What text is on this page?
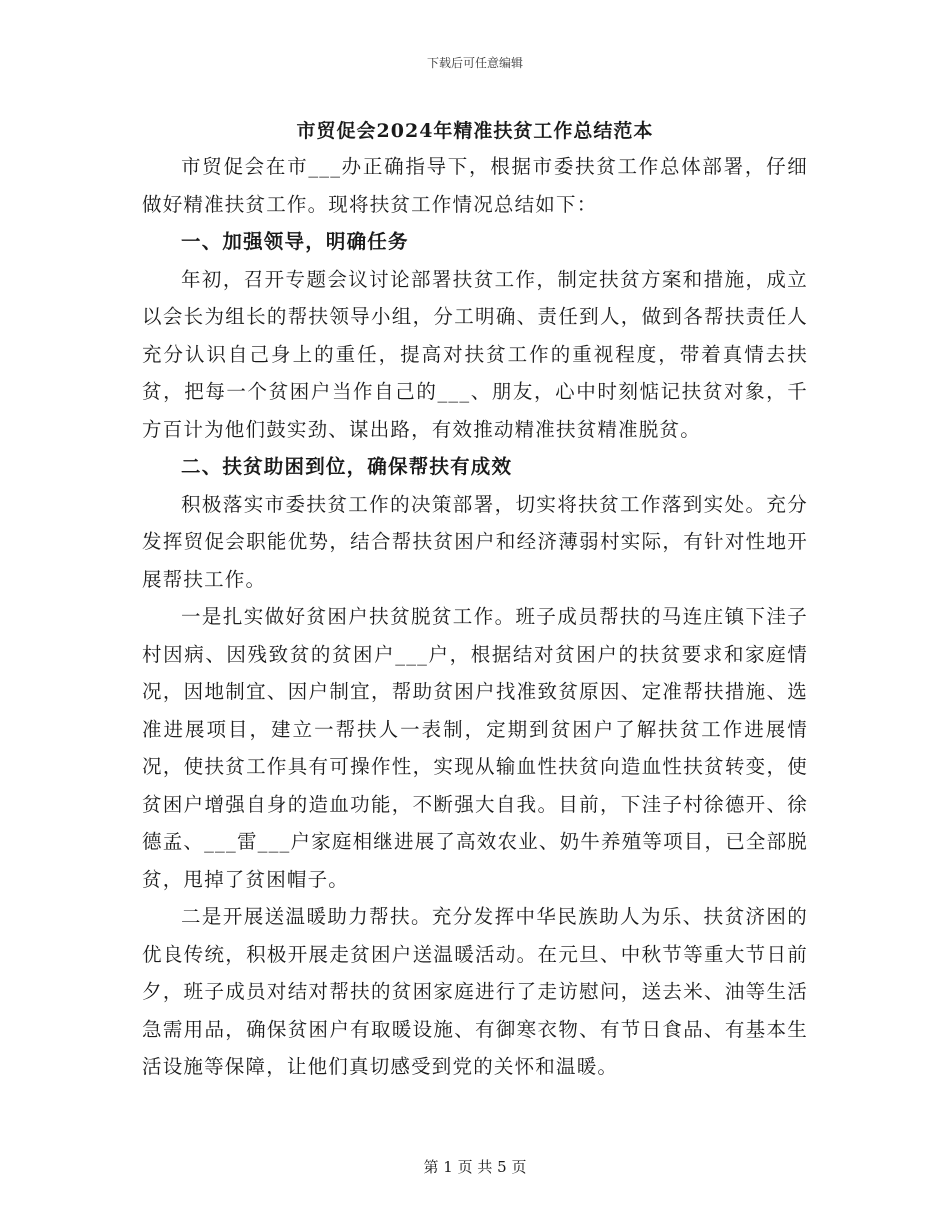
下载后可任意编辑
市贸促会2024年精准扶贫工作总结范本

市贸促会在市___办正确指导下，根据市委扶贫工作总体部署，仔细做好精准扶贫工作。现将扶贫工作情况总结如下：

一、加强领导，明确任务

年初，召开专题会议讨论部署扶贫工作，制定扶贫方案和措施，成立以会长为组长的帮扶领导小组，分工明确、责任到人，做到各帮扶责任人充分认识自己身上的重任，提高对扶贫工作的重视程度，带着真情去扶贫，把每一个贫困户当作自己的___、朋友，心中时刻惦记扶贫对象，千方百计为他们鼓实劲、谋出路，有效推动精准扶贫精准脱贫。

二、扶贫助困到位，确保帮扶有成效

积极落实市委扶贫工作的决策部署，切实将扶贫工作落到实处。充分发挥贸促会职能优势，结合帮扶贫困户和经济薄弱村实际，有针对性地开展帮扶工作。

一是扎实做好贫困户扶贫脱贫工作。班子成员帮扶的马连庄镇下洼子村因病、因残致贫的贫困户___户，根据结对贫困户的扶贫要求和家庭情况，因地制宜、因户制宜，帮助贫困户找准致贫原因、定准帮扶措施、选准进展项目，建立一帮扶人一表制，定期到贫困户了解扶贫工作进展情况，使扶贫工作具有可操作性，实现从输血性扶贫向造血性扶贫转变，使贫困户增强自身的造血功能，不断强大自我。目前，下洼子村徐德开、徐德孟、___雷___户家庭相继进展了高效农业、奶牛养殖等项目，已全部脱贫，甩掉了贫困帽子。

二是开展送温暖助力帮扶。充分发挥中华民族助人为乐、扶贫济困的优良传统，积极开展走贫困户送温暖活动。在元旦、中秋节等重大节日前夕，班子成员对结对帮扶的贫困家庭进行了走访慰问，送去米、油等生活急需用品，确保贫困户有取暖设施、有御寒衣物、有节日食品、有基本生活设施等保障，让他们真切感受到党的关怀和温暖。

第 1 页 共 5 页
